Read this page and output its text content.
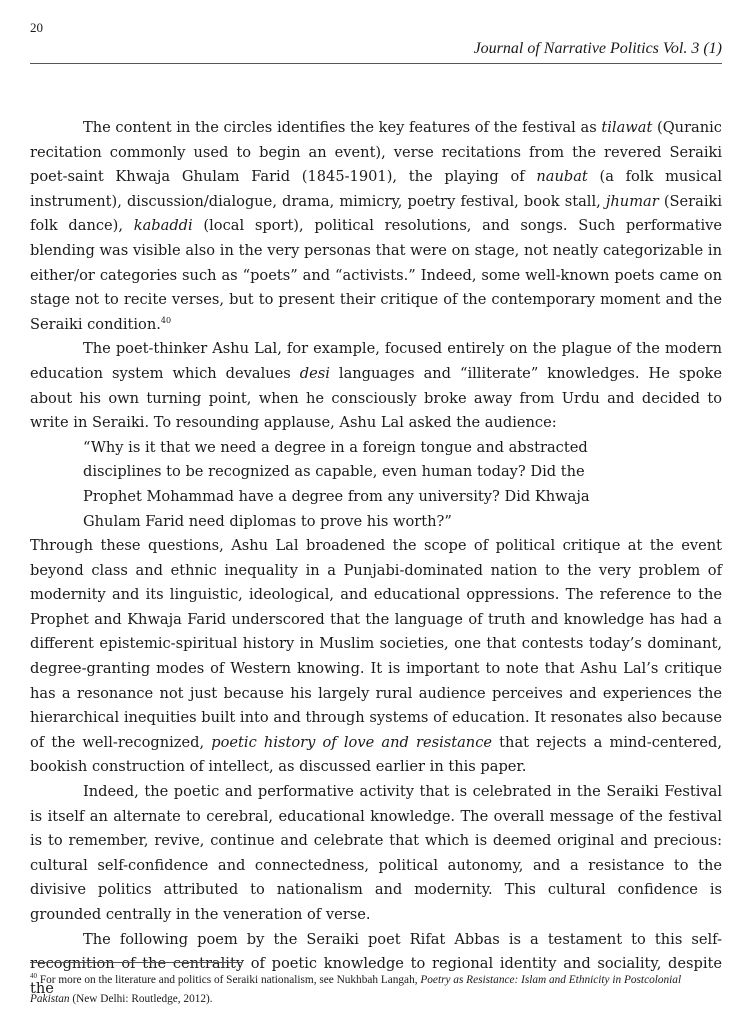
20
Journal of Narrative Politics Vol. 3 (1)

The content in the circles identifies the key features of the festival as tilawat (Quranic recitation commonly used to begin an event), verse recitations from the revered Seraiki poet-saint Khwaja Ghulam Farid (1845-1901), the playing of naubat (a folk musical instrument), discussion/dialogue, drama, mimicry, poetry festival, book stall, jhumar (Seraiki folk dance), kabaddi (local sport), political resolutions, and songs. Such performative blending was visible also in the very personas that were on stage, not neatly categorizable in either/or categories such as “poets” and “activists.” Indeed, some well-known poets came on stage not to recite verses, but to present their critique of the contemporary moment and the Seraiki condition.$^{40}$

The poet-thinker Ashu Lal, for example, focused entirely on the plague of the modern education system which devalues desi languages and “illiterate” knowledges. He spoke about his own turning point, when he consciously broke away from Urdu and decided to write in Seraiki. To resounding applause, Ashu Lal asked the audience:

“Why is it that we need a degree in a foreign tongue and abstracted disciplines to be recognized as capable, even human today? Did the Prophet Mohammad have a degree from any university? Did Khwaja Ghulam Farid need diplomas to prove his worth?”

Through these questions, Ashu Lal broadened the scope of political critique at the event beyond class and ethnic inequality in a Punjabi-dominated nation to the very problem of modernity and its linguistic, ideological, and educational oppressions. The reference to the Prophet and Khwaja Farid underscored that the language of truth and knowledge has had a different epistemic-spiritual history in Muslim societies, one that contests today’s dominant, degree-granting modes of Western knowing. It is important to note that Ashu Lal’s critique has a resonance not just because his largely rural audience perceives and experiences the hierarchical inequities built into and through systems of education. It resonates also because of the well-recognized, poetic history of love and resistance that rejects a mind-centered, bookish construction of intellect, as discussed earlier in this paper.

Indeed, the poetic and performative activity that is celebrated in the Seraiki Festival is itself an alternate to cerebral, educational knowledge. The overall message of the festival is to remember, revive, continue and celebrate that which is deemed original and precious: cultural self-confidence and connectedness, political autonomy, and a resistance to the divisive politics attributed to nationalism and modernity. This cultural confidence is grounded centrally in the veneration of verse.

The following poem by the Seraiki poet Rifat Abbas is a testament to this self-recognition of the centrality of poetic knowledge to regional identity and sociality, despite the

$^{40}$ For more on the literature and politics of Seraiki nationalism, see Nukhbah Langah, Poetry as Resistance: Islam and Ethnicity in Postcolonial Pakistan (New Delhi: Routledge, 2012).
